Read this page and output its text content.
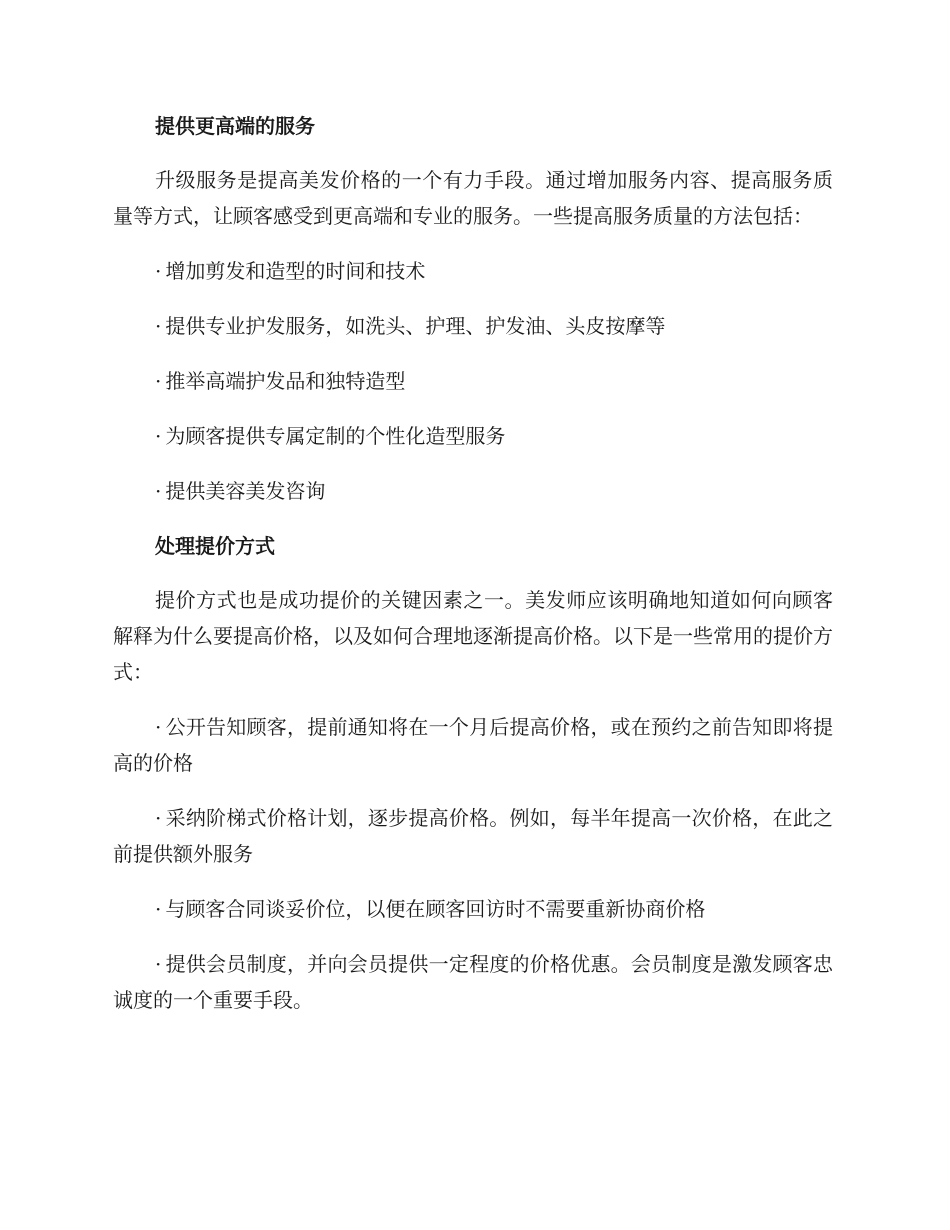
提供更高端的服务
升级服务是提高美发价格的一个有力手段。通过增加服务内容、提高服务质量等方式，让顾客感受到更高端和专业的服务。一些提高服务质量的方法包括：
· 增加剪发和造型的时间和技术
· 提供专业护发服务，如洗头、护理、护发油、头皮按摩等
· 推举高端护发品和独特造型
· 为顾客提供专属定制的个性化造型服务
· 提供美容美发咨询
处理提价方式
提价方式也是成功提价的关键因素之一。美发师应该明确地知道如何向顾客解释为什么要提高价格，以及如何合理地逐渐提高价格。以下是一些常用的提价方式：
· 公开告知顾客，提前通知将在一个月后提高价格，或在预约之前告知即将提高的价格
· 采纳阶梯式价格计划，逐步提高价格。例如，每半年提高一次价格，在此之前提供额外服务
· 与顾客合同谈妥价位，以便在顾客回访时不需要重新协商价格
· 提供会员制度，并向会员提供一定程度的价格优惠。会员制度是激发顾客忠诚度的一个重要手段。
